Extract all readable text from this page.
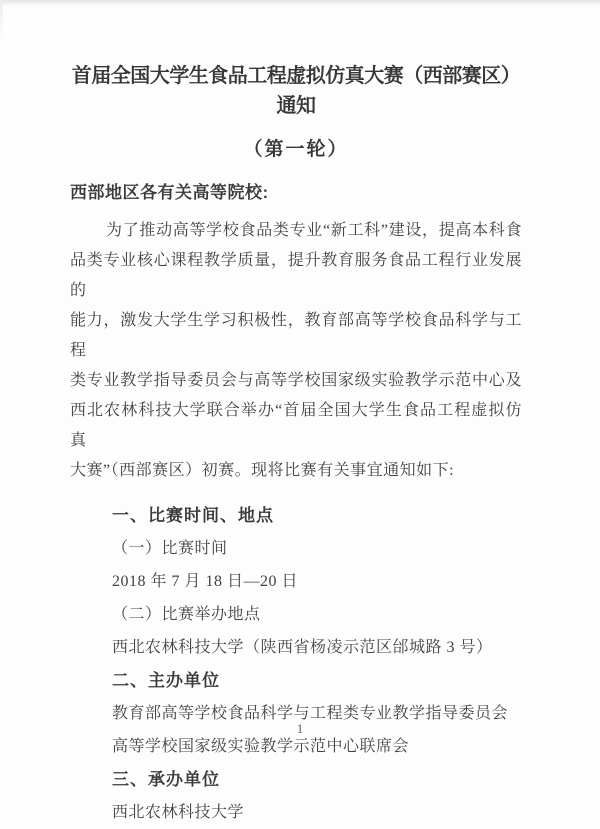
首届全国大学生食品工程虚拟仿真大赛（西部赛区）通知
（第一轮）
西部地区各有关高等院校:
为了推动高等学校食品类专业“新工科”建设，提高本科食
品类专业核心课程教学质量，提升教育服务食品工程行业发展的
能力，激发大学生学习积极性，教育部高等学校食品科学与工程
类专业教学指导委员会与高等学校国家级实验教学示范中心及
西北农林科技大学联合举办“首届全国大学生食品工程虚拟仿真
大赛”（西部赛区）初赛。现将比赛有关事宜通知如下:
一、比赛时间、地点
（一）比赛时间
2018 年 7 月 18 日—20 日
（二）比赛举办地点
西北农林科技大学（陕西省杨凌示范区邰城路 3 号）
二、主办单位
教育部高等学校食品科学与工程类专业教学指导委员会
高等学校国家级实验教学示范中心联席会
三、承办单位
西北农林科技大学
1
